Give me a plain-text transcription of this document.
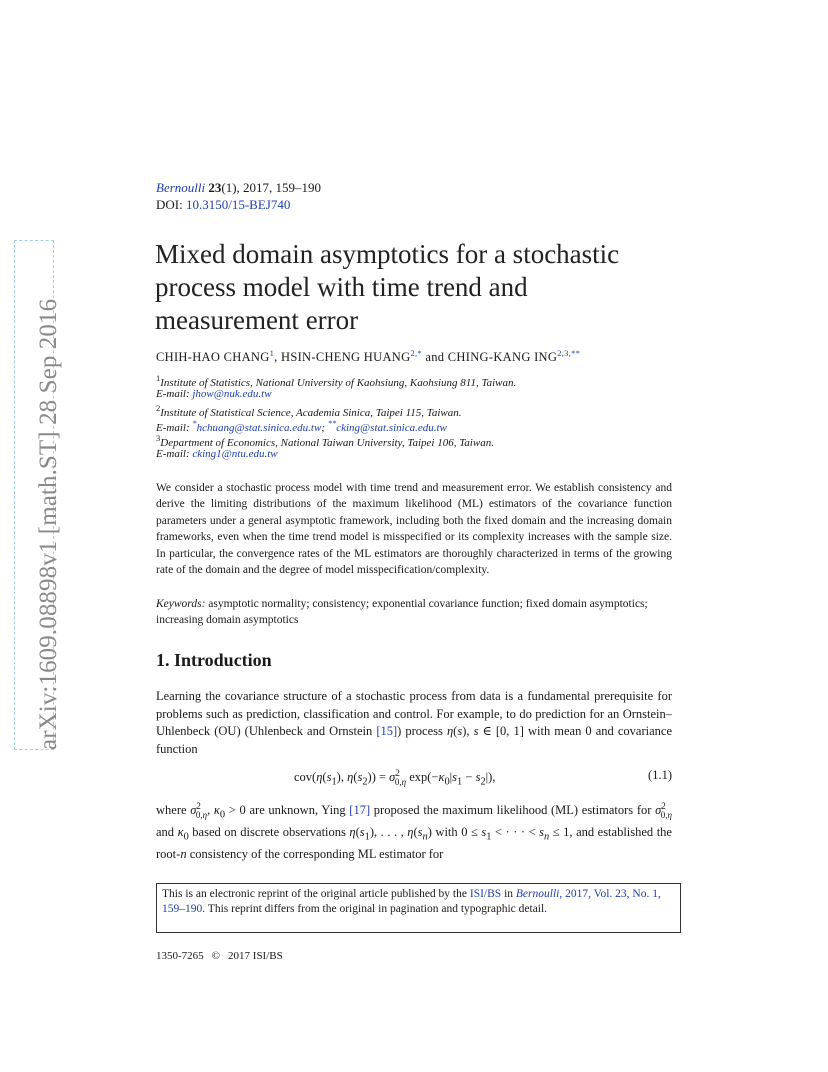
arXiv:1609.08898v1 [math.ST] 28 Sep 2016
Bernoulli 23(1), 2017, 159–190
DOI: 10.3150/15-BEJ740
Mixed domain asymptotics for a stochastic
process model with time trend and
measurement error
CHIH-HAO CHANG$^1$, HSIN-CHENG $HUANG^{2,*}$ and CHING-KANG $ING^{2,3,**}$
$^1$Institute of Statistics, National University of Kaohsiung, Kaohsiung 811, Taiwan.
E-mail: jhow@nuk.edu.tw
$^2$Institute of Statistical Science, Academia Sinica, Taipei 115, Taiwan.
E-mail: *hchuang@stat.sinica.edu.tw; **cking@stat.sinica.edu.tw
$^3$Department of Economics, National Taiwan University, Taipei 106, Taiwan.
E-mail: cking1@ntu.edu.tw

We consider a stochastic process model with time trend and measurement error. We establish consistency and derive the limiting distributions of the maximum likelihood (ML) estimators of the covariance function parameters under a general asymptotic framework, including both the fixed domain and the increasing domain frameworks, even when the time trend model is misspecified or its complexity increases with the sample size. In particular, the convergence rates of the ML estimators are thoroughly characterized in terms of the growing rate of the domain and the degree of model misspecification/complexity.

Keywords: asymptotic normality; consistency; exponential covariance function; fixed domain asymptotics; increasing domain asymptotics

1. Introduction

Learning the covariance structure of a stochastic process from data is a fundamental prerequisite for problems such as prediction, classification and control. For example, to do prediction for an Ornstein–Uhlenbeck (OU) (Uhlenbeck and Ornstein [15]) process η(s), s ∈ [0, 1] with mean 0 and covariance function

$cov(\eta(s_1)$, $\eta(s_2)) = \sigma^2_{0,\eta}$ $\exp(-\kappa_0|s_1 - s_2|)$,	(1.1)

where $\sigma^2_{0,\eta}$, $\kappa_0 > 0$ are unknown, Ying [17] proposed the maximum likelihood (ML) estimators for $\sigma^2_{0,\eta}$ and $\kappa_0$ based on discrete observations $\eta(s_1)$, . . . , $\eta(s_n)$ with $0 \le s_1$ < · · · < $s_n \le 1$, and established the root-n consistency of the corresponding ML estimator for

This is an electronic reprint of the original article published by the ISI/BS in Bernoulli, 2017, Vol. 23, No. 1, 159–190. This reprint differs from the original in pagination and typographic detail.
1350-7265 © 2017 ISI/BS
